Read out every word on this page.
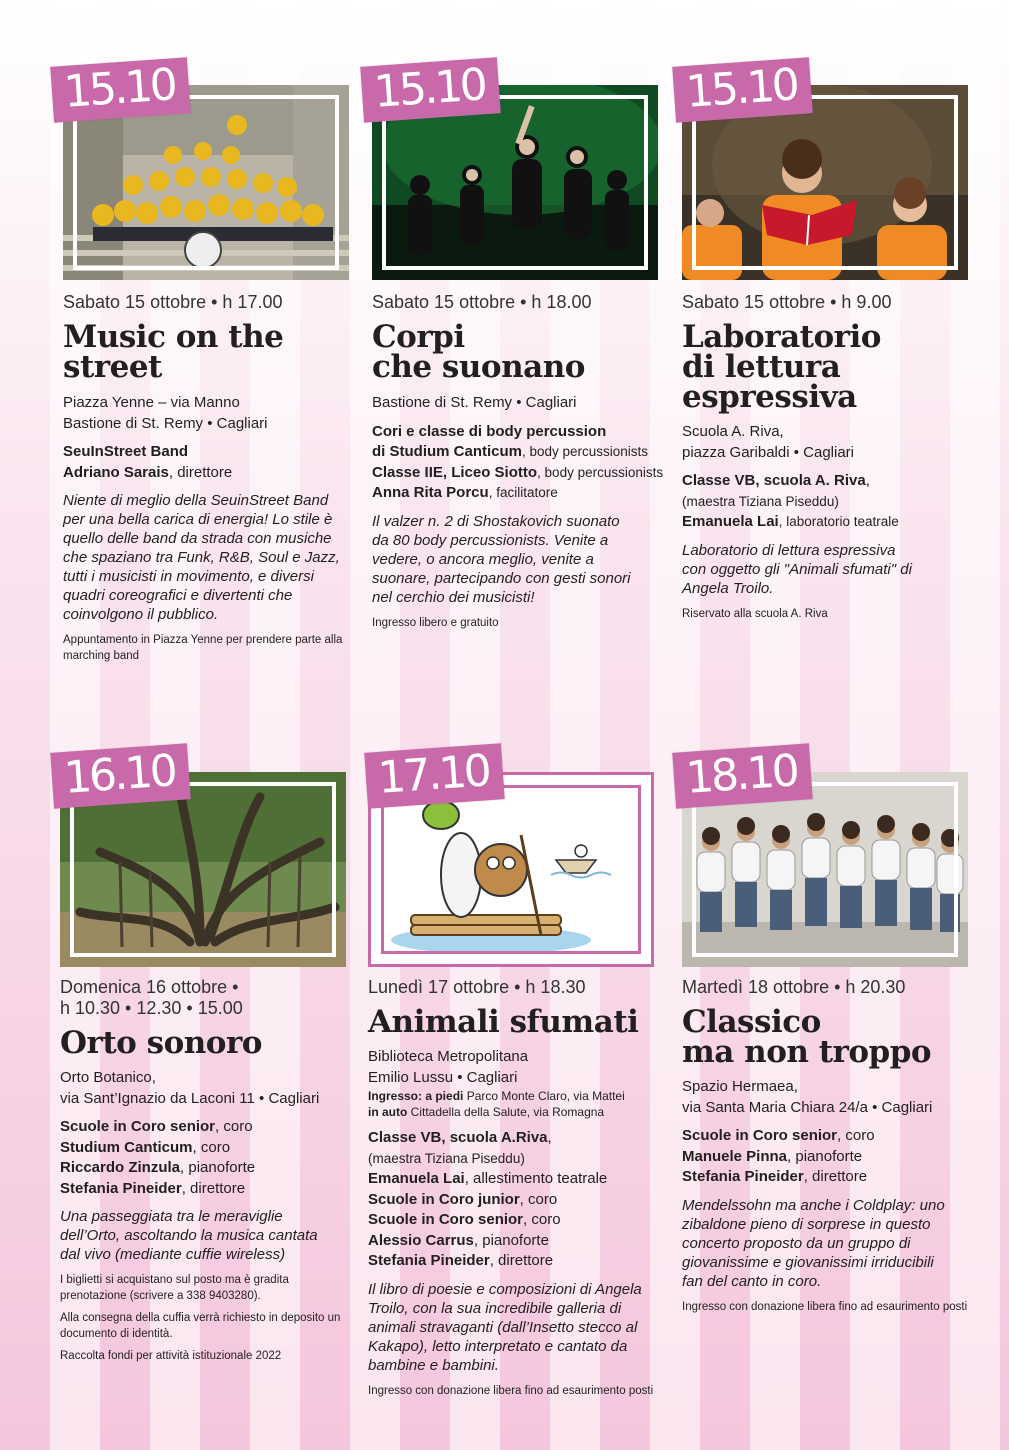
15.10
Sabato 15 ottobre • h 17.00
Music on the
street
Piazza Yenne – via Manno
Bastione di St. Remy • Cagliari
SeuInStreet Band
Adriano Sarais, direttore
Niente di meglio della SeuinStreet Band per una bella carica di energia! Lo stile è quello delle band da strada con musiche che spaziano tra Funk, R&B, Soul e Jazz, tutti i musicisti in movimento, e diversi quadri coreografici e divertenti che coinvolgono il pubblico.
Appuntamento in Piazza Yenne per prendere parte alla marching band
15.10
Sabato 15 ottobre • h 18.00
Corpi
che suonano
Bastione di St. Remy • Cagliari
Cori e classe di body percussion
di Studium Canticum, body percussionists
Classe IIE, Liceo Siotto, body percussionists
Anna Rita Porcu, facilitatore
Il valzer n. 2 di Shostakovich suonato da 80 body percussionists. Venite a vedere, o ancora meglio, venite a suonare, partecipando con gesti sonori nel cerchio dei musicisti!
Ingresso libero e gratuito
15.10
Sabato 15 ottobre • h 9.00
Laboratorio
di lettura
espressiva
Scuola A. Riva,
piazza Garibaldi • Cagliari
Classe VB, scuola A. Riva,
(maestra Tiziana Piseddu)
Emanuela Lai, laboratorio teatrale
Laboratorio di lettura espressiva con oggetto gli "Animali sfumati" di Angela Troilo.
Riservato alla scuola A. Riva
16.10
Domenica 16 ottobre •
h 10.30 • 12.30 • 15.00
Orto sonoro
Orto Botanico,
via Sant’Ignazio da Laconi 11 • Cagliari
Scuole in Coro senior, coro
Studium Canticum, coro
Riccardo Zinzula, pianoforte
Stefania Pineider, direttore
Una passeggiata tra le meraviglie dell’Orto, ascoltando la musica cantata dal vivo (mediante cuffie wireless)
I biglietti si acquistano sul posto ma è gradita prenotazione (scrivere a 338 9403280).
Alla consegna della cuffia verrà richiesto in deposito un documento di identità.
Raccolta fondi per attività istituzionale 2022
17.10
Lunedì 17 ottobre • h 18.30
Animali sfumati
Biblioteca Metropolitana
Emilio Lussu • Cagliari
Ingresso: a piedi Parco Monte Claro, via Mattei
in auto Cittadella della Salute, via Romagna
Classe VB, scuola A.Riva,
(maestra Tiziana Piseddu)
Emanuela Lai, allestimento teatrale
Scuole in Coro junior, coro
Scuole in Coro senior, coro
Alessio Carrus, pianoforte
Stefania Pineider, direttore
Il libro di poesie e composizioni di Angela Troilo, con la sua incredibile galleria di animali stravaganti (dall’Insetto stecco al Kakapo), letto interpretato e cantato da bambine e bambini.
Ingresso con donazione libera fino ad esaurimento posti
18.10
Martedì 18 ottobre • h 20.30
Classico
ma non troppo
Spazio Hermaea,
via Santa Maria Chiara 24/a • Cagliari
Scuole in Coro senior, coro
Manuele Pinna, pianoforte
Stefania Pineider, direttore
Mendelssohn ma anche i Coldplay: uno zibaldone pieno di sorprese in questo concerto proposto da un gruppo di giovanissime e giovanissimi irriducibili fan del canto in coro.
Ingresso con donazione libera fino ad esaurimento posti
